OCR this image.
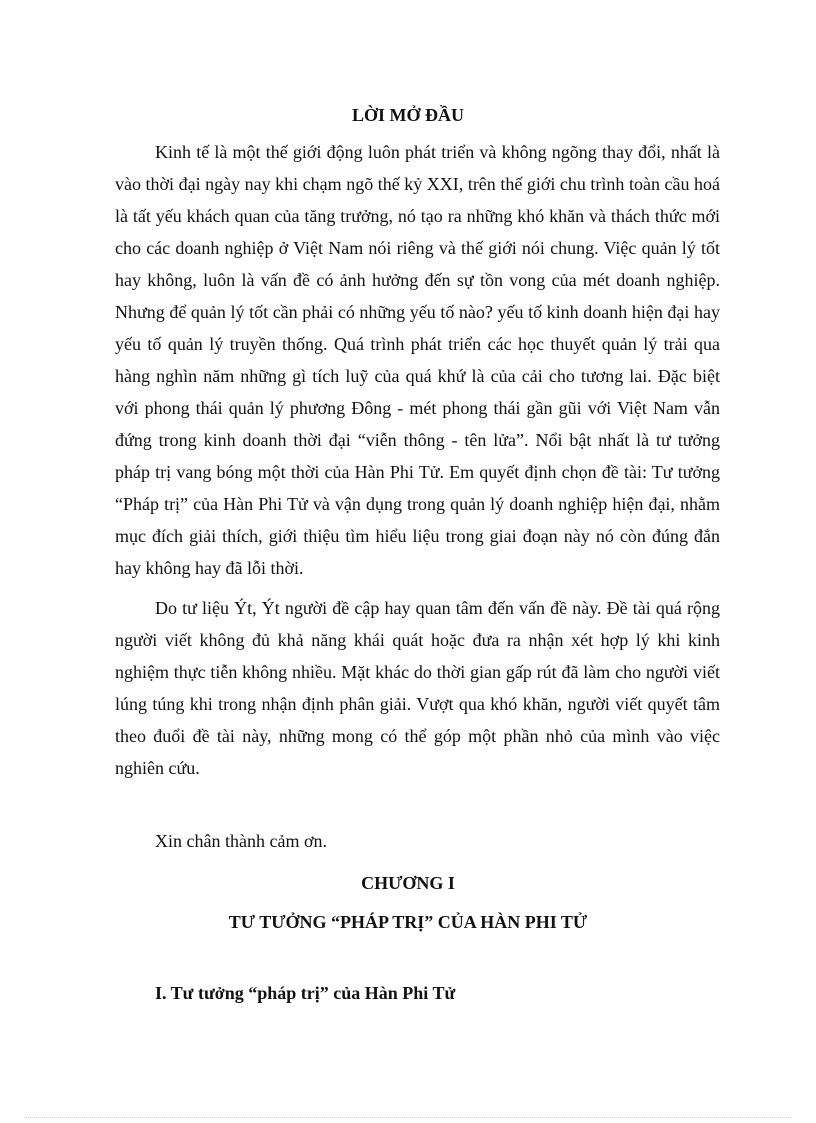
LỜI MỞ ĐẦU

Kinh tế là một thế giới động luôn phát triển và không ngõng thay đổi, nhất là vào thời đại ngày nay khi chạm ngõ thế kỷ XXI, trên thế giới chu trình toàn cầu hoá là tất yếu khách quan của tăng trưởng, nó tạo ra những khó khăn và thách thức mới cho các doanh nghiệp ở Việt Nam nói riêng và thế giới nói chung. Việc quản lý tốt hay không, luôn là vấn đề có ảnh hưởng đến sự tồn vong của mét doanh nghiệp. Nhưng để quản lý tốt cần phải có những yếu tố nào? yếu tố kinh doanh hiện đại hay yếu tố quản lý truyền thống. Quá trình phát triển các học thuyết quản lý trải qua hàng nghìn năm những gì tích luỹ của quá khứ là của cải cho tương lai. Đặc biệt với phong thái quản lý phương Đông - mét phong thái gần gũi với Việt Nam vẫn đứng trong kinh doanh thời đại “viễn thông - tên lửa”. Nổi bật nhất là tư tưởng pháp trị vang bóng một thời của Hàn Phi Tử. Em quyết định chọn đề tài: Tư tưởng “Pháp trị” của Hàn Phi Tử và vận dụng trong quản lý doanh nghiệp hiện đại, nhằm mục đích giải thích, giới thiệu tìm hiểu liệu trong giai đoạn này nó còn đúng đắn hay không hay đã lỗi thời.

Do tư liệu Ýt, Ýt người đề cập hay quan tâm đến vấn đề này. Đề tài quá rộng người viết không đủ khả năng khái quát hoặc đưa ra nhận xét hợp lý khi kinh nghiệm thực tiễn không nhiều. Mặt khác do thời gian gấp rút đã làm cho người viết lúng túng khi trong nhận định phân giải. Vượt qua khó khăn, người viết quyết tâm theo đuổi đề tài này, những mong có thể góp một phần nhỏ của mình vào việc nghiên cứu.

Xin chân thành cảm ơn.
CHƯƠNG I
TƯ TƯỞNG “PHÁP TRỊ” CỦA HÀN PHI TỬ
I. Tư tưởng “pháp trị” của Hàn Phi Tử
